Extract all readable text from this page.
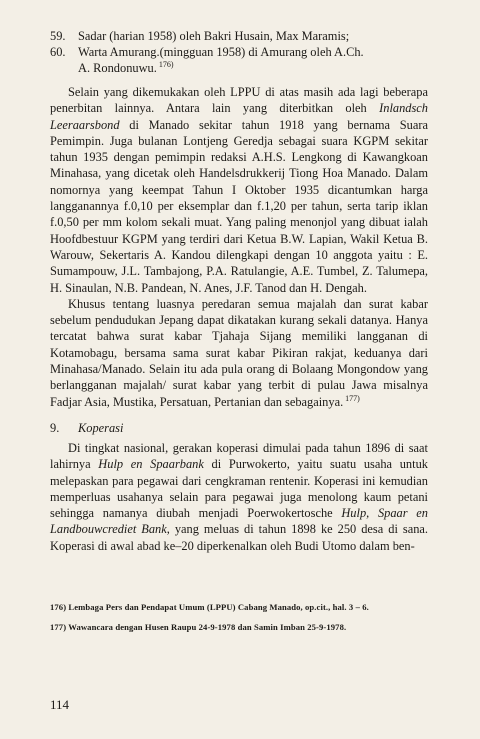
59. Sadar (harian 1958) oleh Bakri Husain, Max Maramis;
60. Warta Amurang.(mingguan 1958) di Amurang oleh A.Ch.
A. Rondonuwu. $^{176)}$

Selain yang dikemukakan oleh LPPU di atas masih ada lagi beberapa penerbitan lainnya. Antara lain yang diterbitkan oleh Inlandsch Leeraarsbond di Manado sekitar tahun 1918 yang bernama Suara Pemimpin. Juga bulanan Lontjeng Geredja sebagai suara KGPM sekitar tahun 1935 dengan pemimpin redaksi A.H.S. Lengkong di Kawangkoan Minahasa, yang dicetak oleh Handelsdrukkerij Tiong Hoa Manado. Dalam nomornya yang keempat Tahun I Oktober 1935 dicantumkan harga langganannya f.0,10 per eksemplar dan f.1,20 per tahun, serta tarip iklan f.0,50 per mm kolom sekali muat. Yang paling menonjol yang dibuat ialah Hoofdbestuur KGPM yang terdiri dari Ketua B.W. Lapian, Wakil Ketua B. Warouw, Sekertaris A. Kandou dilengkapi dengan 10 anggota yaitu : E. Sumampouw, J.L. Tambajong, P.A. Ratulangie, A.E. Tumbel, Z. Talumepa, H. Sinaulan, N.B. Pandean, N. Anes, J.F. Tanod dan H. Dengah.

Khusus tentang luasnya peredaran semua majalah dan surat kabar sebelum pendudukan Jepang dapat dikatakan kurang sekali datanya. Hanya tercatat bahwa surat kabar Tjahaja Sijang memiliki langganan di Kotamobagu, bersama sama surat kabar Pikiran rakjat, keduanya dari Minahasa/Manado. Selain itu ada pula orang di Bolaang Mongondow yang berlangganan majalah/ surat kabar yang terbit di pulau Jawa misalnya Fadjar Asia, Mustika, Persatuan, Pertanian dan sebagainya. $^{177)}$

9. Koperasi

Di tingkat nasional, gerakan koperasi dimulai pada tahun 1896 di saat lahirnya Hulp en Spaarbank di Purwokerto, yaitu suatu usaha untuk melepaskan para pegawai dari cengkraman rentenir. Koperasi ini kemudian memperluas usahanya selain para pegawai juga menolong kaum petani sehingga namanya diubah menjadi Poerwokertosche Hulp, Spaar en Landbouwcrediet Bank, yang meluas di tahun 1898 ke 250 desa di sana. Koperasi di awal abad ke–20 diperkenalkan oleh Budi Utomo dalam ben-

176) Lembaga Pers dan Pendapat Umum (LPPU) Cabang Manado, op.cit., hal. 3 – 6.
177) Wawancara dengan Husen Raupu 24-9-1978 dan Samin Imban 25-9-1978.
114
